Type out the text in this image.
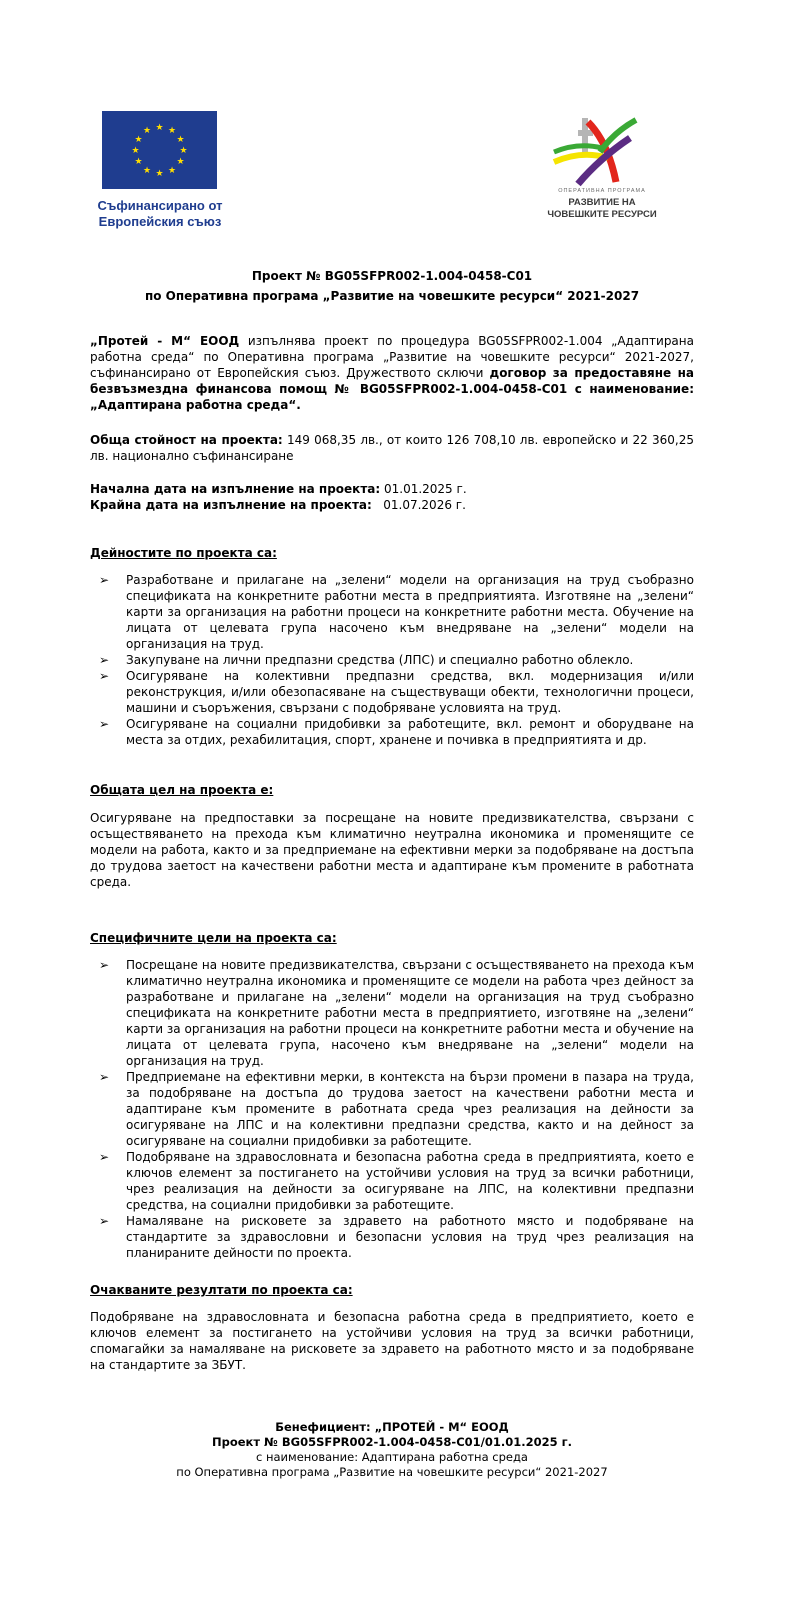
★ ★
★
★
★
★
★
★
★
★
★
★
Съфинансирано от
Европейския съюз
ОПЕРАТИВНА ПРОГРАМА
РАЗВИТИЕ НА
ЧОВЕШКИТЕ РЕСУРСИ
Проект № BG05SFPR002-1.004-0458-C01
по Оперативна програма „Развитие на човешките ресурси“ 2021-2027
„Протей - М“ ЕООД изпълнява проект по процедура BG05SFPR002-1.004 „Адаптирана работна среда“ по Оперативна програма „Развитие на човешките ресурси“ 2021-2027, съфинансирано от Европейския съюз. Дружеството сключи договор за предоставяне на безвъзмездна финансова помощ № BG05SFPR002-1.004-0458-C01 с наименование: „Адаптирана работна среда“.
Обща стойност на проекта: 149 068,35 лв., от които 126 708,10 лв. европейско и 22 360,25 лв. национално съфинансиране
Начална дата на изпълнение на проекта: 01.01.2025 г.
Крайна дата на изпълнение на проекта:   01.07.2026 г.
Дейностите по проекта са:
➢	Разработване и прилагане на „зелени“ модели на организация на труд съобразно спецификата на конкретните работни места в предприятията. Изготвяне на „зелени“ карти за организация на работни процеси на конкретните работни места. Обучение на лицата от целевата група насочено към внедряване на „зелени“ модели на организация на труд.
➢	Закупуване на лични предпазни средства (ЛПС) и специално работно облекло.
➢	Осигуряване на колективни предпазни средства, вкл. модернизация и/или реконструкция, и/или обезопасяване на съществуващи обекти, технологични процеси, машини и съоръжения, свързани с подобряване условията на труд.
➢	Осигуряване на социални придобивки за работещите, вкл. ремонт и оборудване на места за отдих, рехабилитация, спорт, хранене и почивка в предприятията и др.
Общата цел на проекта е:
Осигуряване на предпоставки за посрещане на новите предизвикателства, свързани с осъществяването на прехода към климатично неутрална икономика и променящите се модели на работа, както и за предприемане на ефективни мерки за подобряване на достъпа до трудова заетост на качествени работни места и адаптиране към промените в работната среда.
Специфичните цели на проекта са:
➢	Посрещане на новите предизвикателства, свързани с осъществяването на прехода към климатично неутрална икономика и променящите се модели на работа чрез дейност за разработване и прилагане на „зелени“ модели на организация на труд съобразно спецификата на конкретните работни места в предприятието, изготвяне на „зелени“ карти за организация на работни процеси на конкретните работни места и обучение на лицата от целевата група, насочено към внедряване на „зелени“ модели на организация на труд.
➢	Предприемане на ефективни мерки, в контекста на бързи промени в пазара на труда, за подобряване на достъпа до трудова заетост на качествени работни места и адаптиране към промените в работната среда чрез реализация на дейности за осигуряване на ЛПС и на колективни предпазни средства, както и на дейност за осигуряване на социални придобивки за работещите.
➢	Подобряване на здравословната и безопасна работна среда в предприятията, което е ключов елемент за постигането на устойчиви условия на труд за всички работници, чрез реализация на дейности за осигуряване на ЛПС, на колективни предпазни средства, на социални придобивки за работещите.
➢	Намаляване на рисковете за здравето на работното място и подобряване на стандартите за здравословни и безопасни условия на труд чрез реализация на планираните дейности по проекта.
Очакваните резултати по проекта са:
Подобряване на здравословната и безопасна работна среда в предприятието, което е ключов елемент за постигането на устойчиви условия на труд за всички работници, спомагайки за намаляване на рисковете за здравето на работното място и за подобряване на стандартите за ЗБУТ.
Бенефициент: „ПРОТЕЙ - М“ ЕООД
Проект № BG05SFPR002-1.004-0458-C01/01.01.2025 г.
с наименование: Адаптирана работна среда
по Оперативна програма „Развитие на човешките ресурси“ 2021-2027
